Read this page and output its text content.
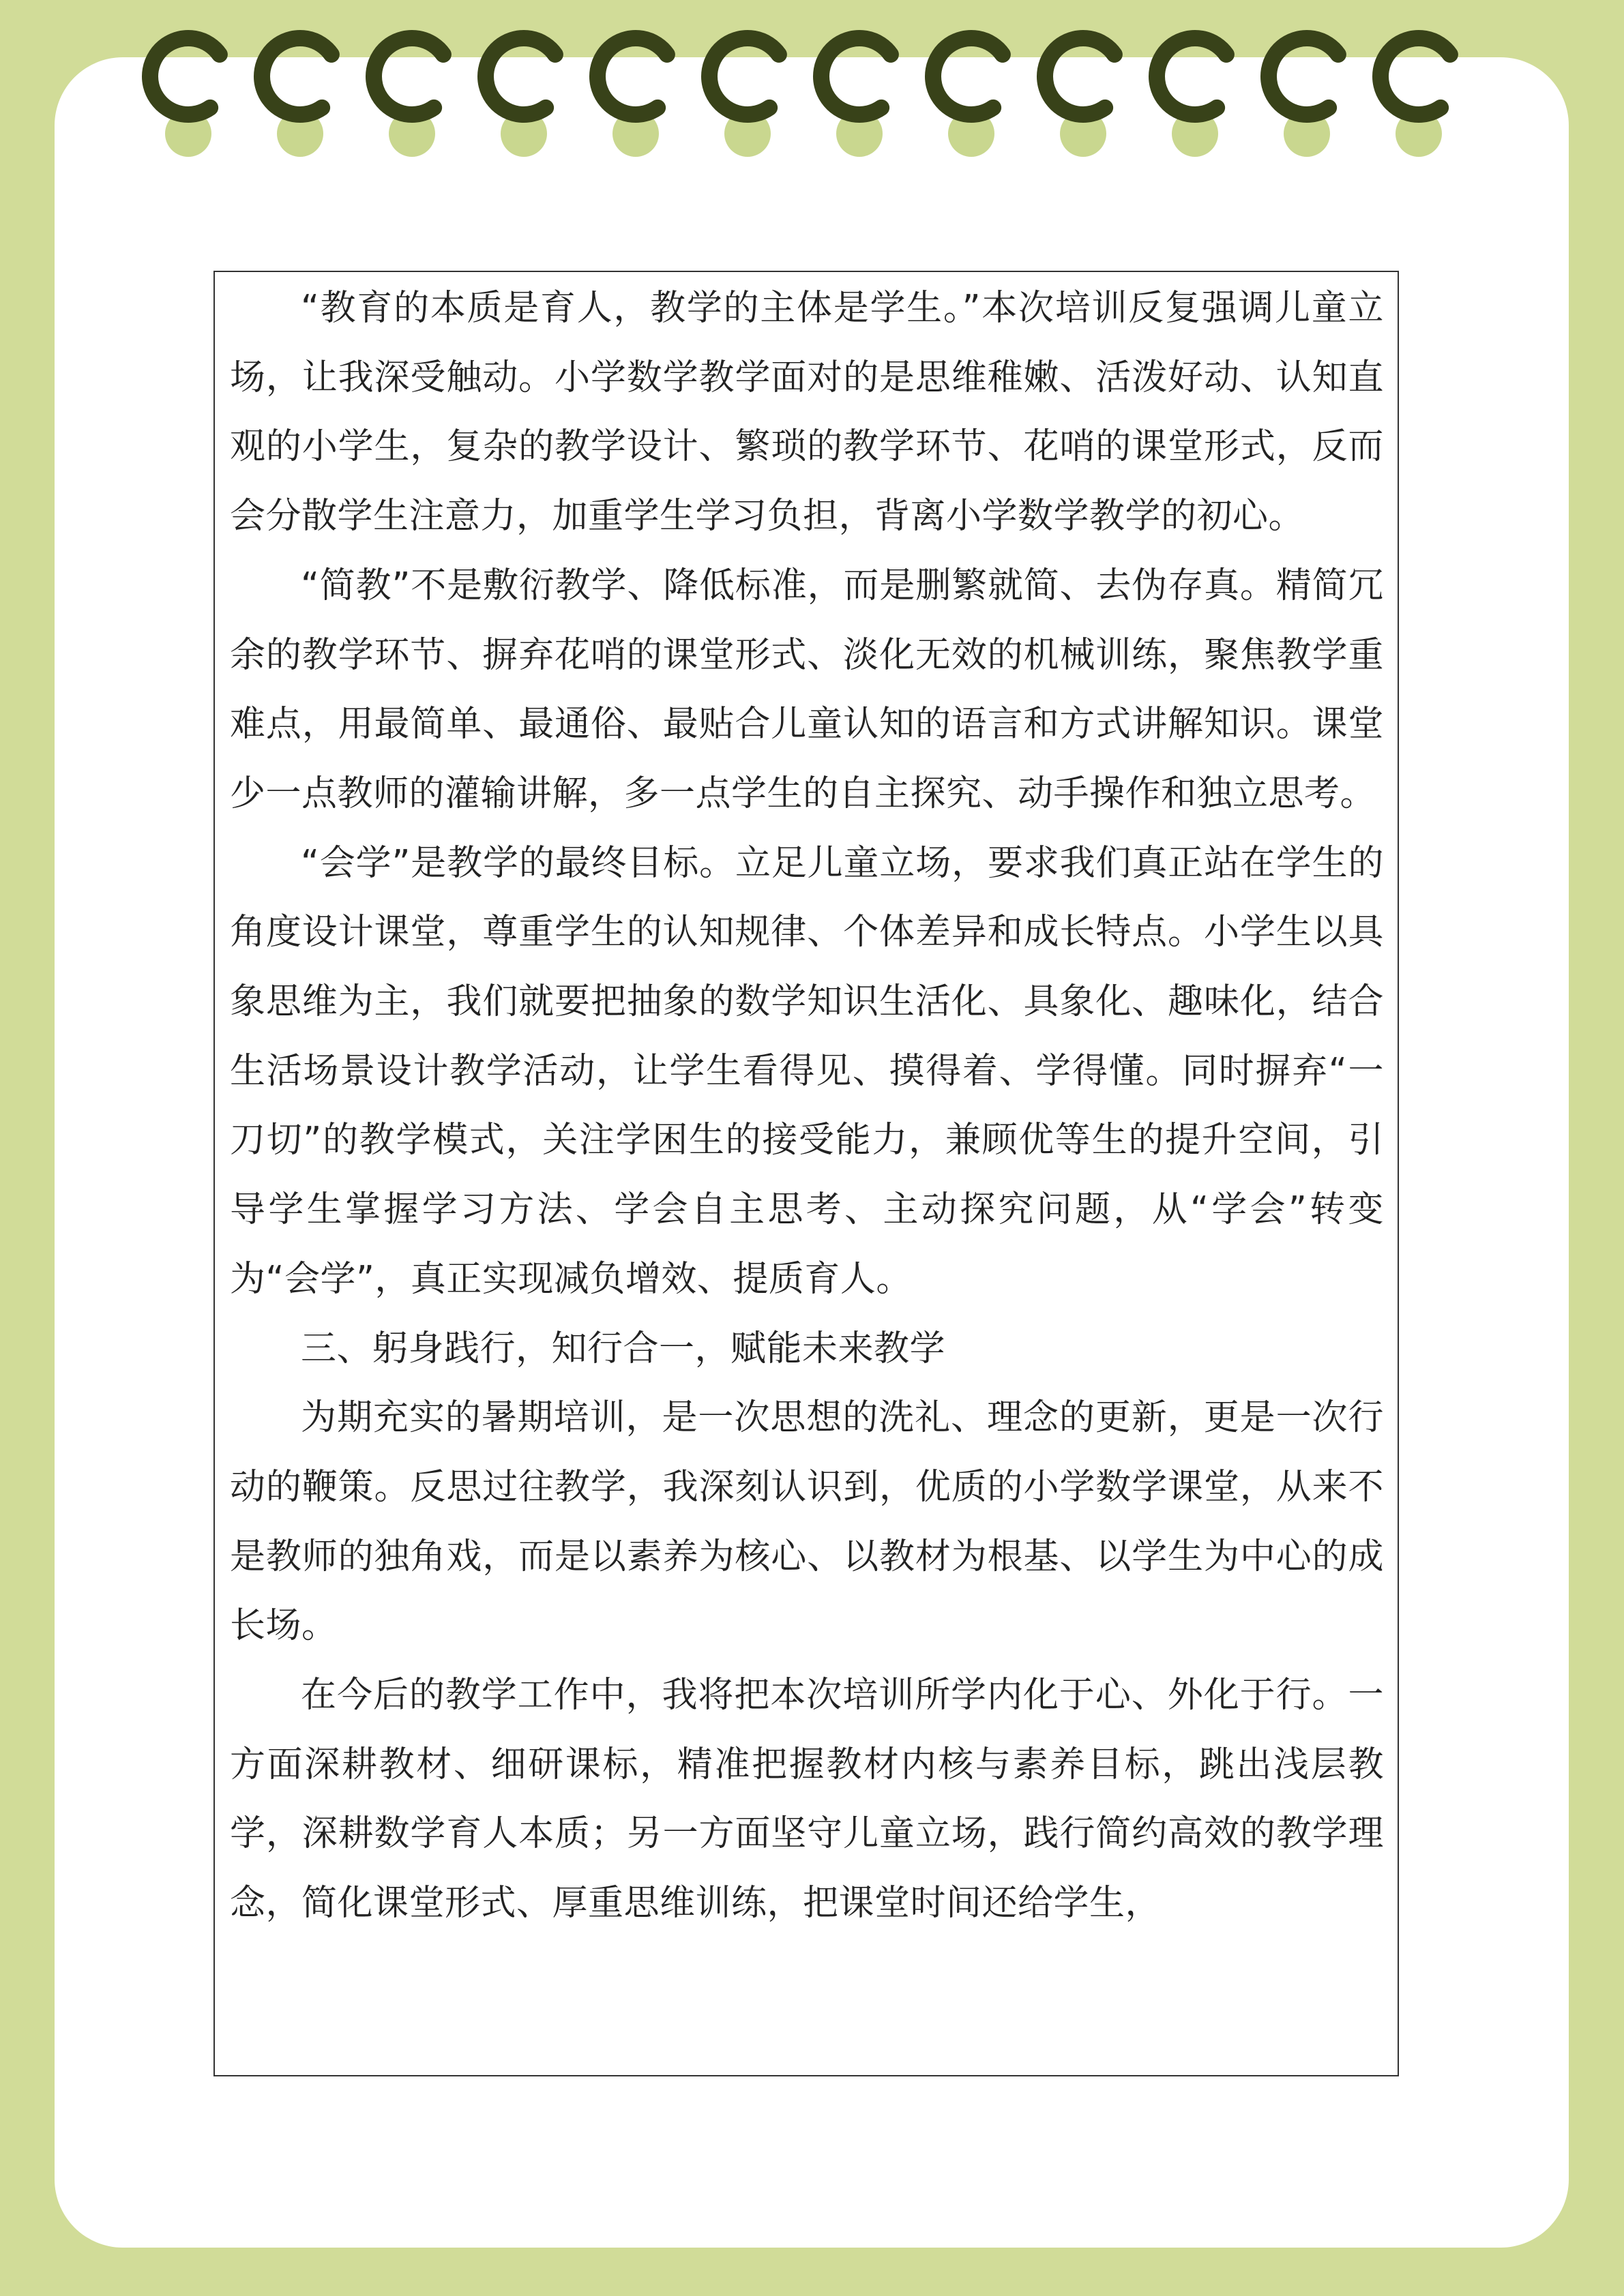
“教育的本质是育人，教学的主体是学生。”本次培训反复强调儿童立场，让我深受触动。小学数学教学面对的是思维稚嫩、活泼好动、认知直观的小学生，复杂的教学设计、繁琐的教学环节、花哨的课堂形式，反而会分散学生注意力，加重学生学习负担，背离小学数学教学的初心。

“简教”不是敷衍教学、降低标准，而是删繁就简、去伪存真。精简冗余的教学环节、摒弃花哨的课堂形式、淡化无效的机械训练，聚焦教学重难点，用最简单、最通俗、最贴合儿童认知的语言和方式讲解知识。课堂少一点教师的灌输讲解，多一点学生的自主探究、动手操作和独立思考。

“会学”是教学的最终目标。立足儿童立场，要求我们真正站在学生的角度设计课堂，尊重学生的认知规律、个体差异和成长特点。小学生以具象思维为主，我们就要把抽象的数学知识生活化、具象化、趣味化，结合生活场景设计教学活动，让学生看得见、摸得着、学得懂。同时摒弃“一刀切”的教学模式，关注学困生的接受能力，兼顾优等生的提升空间，引导学生掌握学习方法、学会自主思考、主动探究问题，从“学会”转变为“会学”，真正实现减负增效、提质育人。

三、躬身践行，知行合一，赋能未来教学

为期充实的暑期培训，是一次思想的洗礼、理念的更新，更是一次行动的鞭策。反思过往教学，我深刻认识到，优质的小学数学课堂，从来不是教师的独角戏，而是以素养为核心、以教材为根基、以学生为中心的成长场。

在今后的教学工作中，我将把本次培训所学内化于心、外化于行。一方面深耕教材、细研课标，精准把握教材内核与素养目标，跳出浅层教学，深耕数学育人本质；另一方面坚守儿童立场，践行简约高效的教学理念，简化课堂形式、厚重思维训练，把课堂时间还给学生，
